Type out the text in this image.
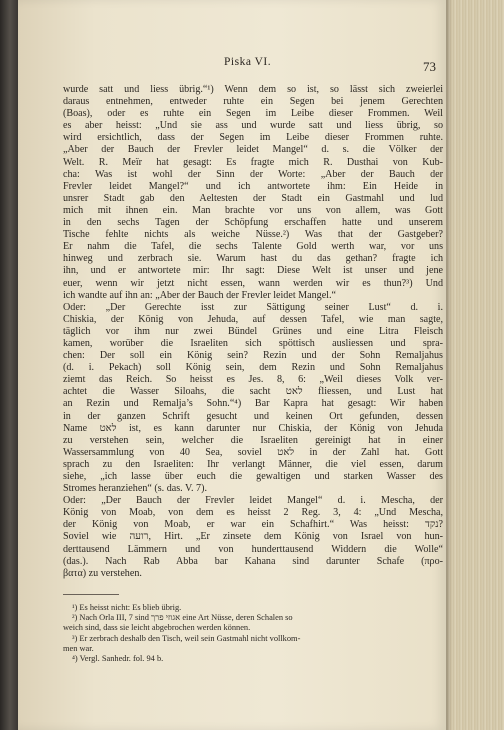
Piska VI.	73
wurde satt und liess übrig.“¹) Wenn dem so ist, so lässt sich zweierlei
daraus entnehmen, entweder ruhte ein Segen bei jenem Gerechten
(Boas), oder es ruhte ein Segen im Leibe dieser Frommen. Weil
es aber heisst: „Und sie ass und wurde satt und liess übrig, so
wird ersichtlich, dass der Segen im Leibe dieser Frommen ruhte.
„Aber der Bauch der Frevler leidet Mangel“ d. s. die Völker der
Welt. R. Meïr hat gesagt: Es fragte mich R. Dusthai von Kub-
cha: Was ist wohl der Sinn der Worte: „Aber der Bauch der
Frevler leidet Mangel?“ und ich antwortete ihm: Ein Heide in
unsrer Stadt gab den Aeltesten der Stadt ein Gastmahl und lud
mich mit ihnen ein. Man brachte vor uns von allem, was Gott
in den sechs Tagen der Schöpfung erschaffen hatte und unserem
Tische fehlte nichts als weiche Nüsse.²) Was that der Gastgeber?
Er nahm die Tafel, die sechs Talente Gold werth war, vor uns
hinweg und zerbrach sie. Warum hast du das gethan? fragte ich
ihn, und er antwortete mir: Ihr sagt: Diese Welt ist unser und jene
euer, wenn wir jetzt nicht essen, wann werden wir es thun?³) Und
ich wandte auf ihn an: „Aber der Bauch der Frevler leidet Mangel.“
Oder: „Der Gerechte isst zur Sättigung seiner Lust“ d. i.
Chiskia, der König von Jehuda, auf dessen Tafel, wie man sagte,
täglich vor ihm nur zwei Bündel Grünes und eine Litra Fleisch
kamen, worüber die Israeliten sich spöttisch ausliessen und spra-
chen: Der soll ein König sein? Rezin und der Sohn Remaljahus
(d. i. Pekach) soll König sein, dem Rezin und Sohn Remaljahus
ziemt das Reich. So heisst es Jes. 8, 6: „Weil dieses Volk ver-
achtet die Wasser Siloahs, die sacht לאט fliessen, und Lust hat
an Rezin und Remalja’s Sohn.“⁴) Bar Kapra hat gesagt: Wir haben
in der ganzen Schrift gesucht und keinen Ort gefunden, dessen
Name לאט ist, es kann darunter nur Chiskia, der König von Jehuda
zu verstehen sein, welcher die Israeliten gereinigt hat in einer
Wassersammlung von 40 Sea, soviel לאט in der Zahl hat. Gott
sprach zu den Israeliten: Ihr verlangt Männer, die viel essen, darum
siehe, „ich lasse über euch die gewaltigen und starken Wasser des
Stromes heranziehen“ (s. das. V. 7).
Oder: „Der Bauch der Frevler leidet Mangel“ d. i. Mescha, der
König von Moab, von dem es heisst 2 Reg. 3, 4: „Und Mescha,
der König von Moab, er war ein Schafhirt.“ Was heisst: נקד?
Soviel wie רועה, Hirt. „Er zinsete dem König von Israel von hun-
derttausend Lämmern und von hunderttausend Widdern die Wolle“
(das.). Nach Rab Abba bar Kahana sind darunter Schafe (προ-
βατα) zu verstehen.
¹) Es heisst nicht: Es blieb übrig.
²) Nach Orla III, 7 sind אגוזי פרך eine Art Nüsse, deren Schalen so
weich sind, dass sie leicht abgebrochen werden können.
³) Er zerbrach deshalb den Tisch, weil sein Gastmahl nicht vollkom-
men war.
⁴) Vergl. Sanhedr. fol. 94 b.
